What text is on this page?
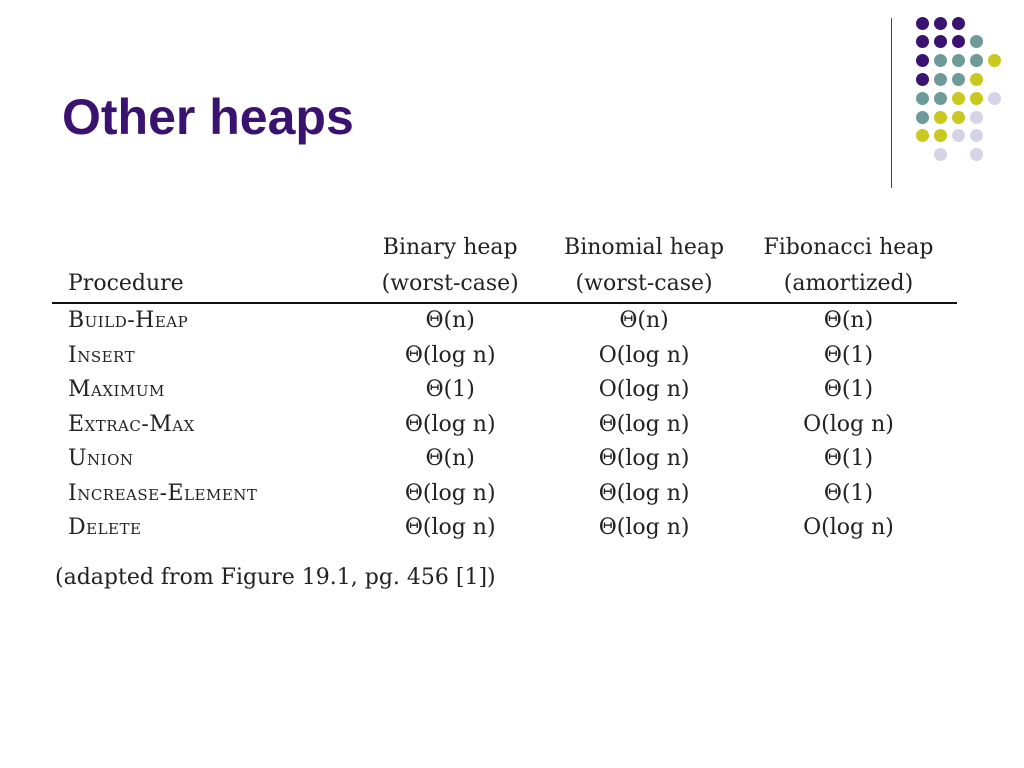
Other heaps
	Binary heap	Binomial heap	Fibonacci heap
Procedure	(worst-case)	(worst-case)	(amortized)
Build-Heap	Θ(n)	Θ(n)	Θ(n)
Insert	Θ(log n)	O(log n)	Θ(1)
Maximum	Θ(1)	O(log n)	Θ(1)
Extrac-Max	Θ(log n)	Θ(log n)	O(log n)
Union	Θ(n)	Θ(log n)	Θ(1)
Increase-Element	Θ(log n)	Θ(log n)	Θ(1)
Delete	Θ(log n)	Θ(log n)	O(log n)
(adapted from Figure 19.1, pg. 456 [1])
